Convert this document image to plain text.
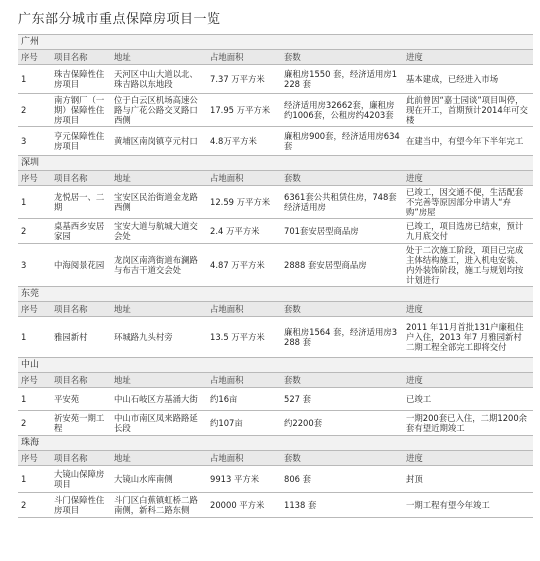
广东部分城市重点保障房项目一览
广州					
序号	项目名称	地址	占地面积	套数	进度

1	珠吉保障性住房项目	天河区中山大道以北、珠吉路以东地段	7.37 万平方米	廉租房1550 套，经济适用房1228 套	基本建成，已经进入市场

2	南方钢厂（一期）保障性住房项目	位于白云区机场高速公路与广花公路交叉路口西侧	17.95 万平方米	经济适用房32662套，廉租房约1006套，公租房约4203套	此前曾因“嘉士园谈”项目叫停，现在开工，首期预计2014年可交楼

3	亨元保障性住房项目	黄埔区南岗镇亨元村口	4.8万平方米	廉租房900套，经济适用房634 套	在建当中，有望今年下半年完工

深圳					
序号	项目名称	地址	占地面积	套数	进度

1	龙悦居一、二期	宝安区民治街道金龙路西侧	12.59 万平方米	6361套公共租赁住房，748套经济适用房	已竣工，因交通不便，生活配套不完善等原因部分申请人“弃购”房屋

2	桌基西乡安居家园	宝安大道与航城大道交会处	2.4 万平方米	701套安居型商品房	已竣工，项目选房已结束，预计九月底交付

3	中海阅景花园	龙岗区南湾街道布澜路与布吉干道交会处	4.87 万平方米	2888 套安居型商品房	处于二次施工阶段，项目已完成主体结构施工，进入机电安装、内外装饰阶段，施工与规划均按计划进行

东莞					
序号	项目名称	地址	占地面积	套数	进度

1	雅园新村	环城路九头村旁	13.5 万平方米	廉租房1564 套，经济适用房3288 套	2011 年11月首批131户廉租住户入住，2013 年7 月雅园新村二期工程全部完工即将交付

中山					
序号	项目名称	地址	占地面积	套数	进度

1	平安苑	中山石岐区方基涌大街	约16亩	527 套	已竣工

2	祈安苑一期工程	中山市南区凤来路路延长段	约107亩	约2200套	一期200套已入住，二期1200余套有望近期竣工

珠海					
序号	项目名称	地址	占地面积	套数	进度

1	大镜山保障房项目	大镜山水库南侧	9913 平方米	806 套	封顶

2	斗门保障性住房项目	斗门区白蕉镇虹桥二路南侧，新科二路东侧	20000 平方米	1138 套	一期工程有望今年竣工
